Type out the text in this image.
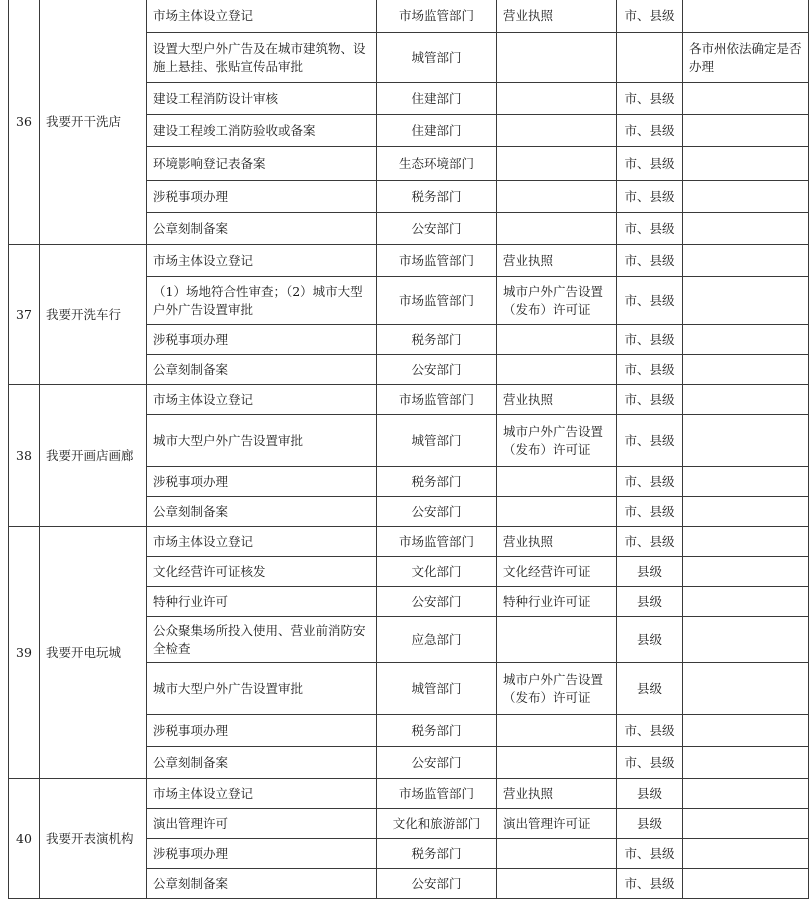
36	我要开干洗店	市场主体设立登记	市场监管部门	营业执照	市、县级	
		设置大型户外广告及在城市建筑物、设施上悬挂、张贴宣传品审批	城管部门			各市州依法确定是否办理
		建设工程消防设计审核	住建部门		市、县级	
		建设工程竣工消防验收或备案	住建部门		市、县级	
		环境影响登记表备案	生态环境部门		市、县级	
		涉税事项办理	税务部门		市、县级	
		公章刻制备案	公安部门		市、县级	
37	我要开洗车行	市场主体设立登记	市场监管部门	营业执照	市、县级	
		（1）场地符合性审查；（2）城市大型户外广告设置审批	市场监管部门	城市户外广告设置（发布）许可证	市、县级	
		涉税事项办理	税务部门		市、县级	
		公章刻制备案	公安部门		市、县级	
38	我要开画店画廊	市场主体设立登记	市场监管部门	营业执照	市、县级	
		城市大型户外广告设置审批	城管部门	城市户外广告设置（发布）许可证	市、县级	
		涉税事项办理	税务部门		市、县级	
		公章刻制备案	公安部门		市、县级	
39	我要开电玩城	市场主体设立登记	市场监管部门	营业执照	市、县级	
		文化经营许可证核发	文化部门	文化经营许可证	县级	
		特种行业许可	公安部门	特种行业许可证	县级	
		公众聚集场所投入使用、营业前消防安全检查	应急部门		县级	
		城市大型户外广告设置审批	城管部门	城市户外广告设置（发布）许可证	县级	
		涉税事项办理	税务部门		市、县级	
		公章刻制备案	公安部门		市、县级	
40	我要开表演机构	市场主体设立登记	市场监管部门	营业执照	县级	
		演出管理许可	文化和旅游部门	演出管理许可证	县级	
		涉税事项办理	税务部门		市、县级	
		公章刻制备案	公安部门		市、县级	
